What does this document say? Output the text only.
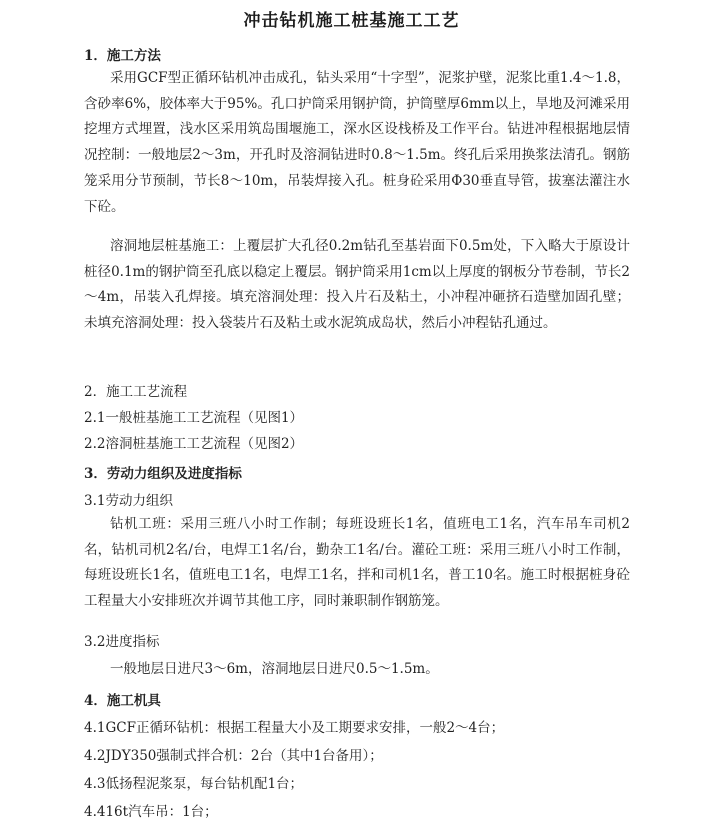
冲击钻机施工桩基施工工艺
1．施工方法

采用GCF型正循环钻机冲击成孔，钻头采用“十字型”，泥浆护壁，泥浆比重1.4～1.8，含砂率6%，胶体率大于95%。孔口护筒采用钢护筒，护筒壁厚6mm以上，旱地及河滩采用挖埋方式埋置，浅水区采用筑岛围堰施工，深水区设栈桥及工作平台。钻进冲程根据地层情况控制：一般地层2～3m，开孔时及溶洞钻进时0.8～1.5m。终孔后采用换浆法清孔。钢筋笼采用分节预制，节长8～10m，吊装焊接入孔。桩身砼采用Φ30垂直导管，拔塞法灌注水下砼。

溶洞地层桩基施工：上覆层扩大孔径0.2m钻孔至基岩面下0.5m处，下入略大于原设计桩径0.1m的钢护筒至孔底以稳定上覆层。钢护筒采用1cm以上厚度的钢板分节卷制，节长2～4m，吊装入孔焊接。填充溶洞处理：投入片石及粘土，小冲程冲砸挤石造壁加固孔壁；未填充溶洞处理：投入袋装片石及粘土或水泥筑成岛状，然后小冲程钻孔通过。

2．施工工艺流程
2.1一般桩基施工工艺流程（见图1）
2.2溶洞桩基施工工艺流程（见图2）
3．劳动力组织及进度指标
3.1劳动力组织

钻机工班：采用三班八小时工作制；每班设班长1名，值班电工1名，汽车吊车司机2名，钻机司机2名/台，电焊工1名/台，勤杂工1名/台。灌砼工班：采用三班八小时工作制，每班设班长1名，值班电工1名，电焊工1名，拌和司机1名，普工10名。施工时根据桩身砼工程量大小安排班次并调节其他工序，同时兼职制作钢筋笼。

3.2进度指标
一般地层日进尺3～6m，溶洞地层日进尺0.5～1.5m。
4．施工机具
4.1GCF正循环钻机：根据工程量大小及工期要求安排，一般2～4台；
4.2JDY350强制式拌合机：2台（其中1台备用）；
4.3低扬程泥浆泵，每台钻机配1台；
4.416t汽车吊：1台；
